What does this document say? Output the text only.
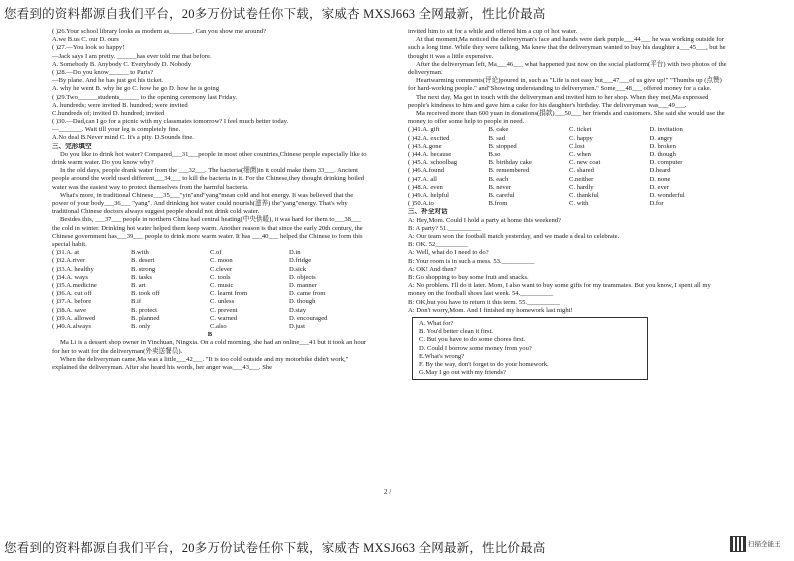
您看到的资料都源自我们平台，20多万份试卷任你下载，家威杏 MXSJ663 全网最新，性比价最高
( )26.Your school library looks as modern as_______. Can you show me around?
A.we B.us C. our D. ours
( )27.—You look so happy!
—Jack says I am pretty. ______has ever told me that before.
A. Somebody B. Anybody C. Everybody D. Nobody
( )28.—Do you know______ to Paris?
—By plane. And he has just got his ticket.
A. why he went B. why he go C. how he go D. how he is going
( )29.Two______students______ to the opening ceremony last Friday.
A. hundreds; were invited B. hundred; were invited
C.hundreds of; invited D. hundred; invited
( )30.—Dad,can I go for a picnic with my classmates tomorrow? I feel much better today.
—_______. Wait till your leg is completely fine.
A.No deal B.Never mind C. It's a pity. D.Sounds fine.
三、完形填空
Do you like to drink hot water? Compared___31___people in most other countries,Chinese people especially like to drink warm water. Do you know why?
In the old days, people drank water from the ___32___. The bacteria(细菌)in it could make them 33___. Ancient people around the world used different___34___ to kill the bacteria in it. For the Chinese,they thought drinking boiled water was the easiest way to protect themselves from the harmful bacteria.
What's more, in traditional Chinese___35___"yin"and"yang"mean cold and hot energy. It was believed that the power of your body___36___ "yang". And drinking hot water could nourish(滋养) the"yang"energy. That's why traditional Chinese doctors always suggest people should not drink cold water.
Besides this, ___37___ people in northern China had central heating(中央供暖), it was hard for them to___38___ the cold in winter. Drinking hot water helped them keep warm. Another reason is that since the early 20th century, the Chinese government has___39___ people to drink more warm water. It has ___40___ helped the Chinese to form this special habit.
( )31.A. at	B.with	C.of	D.in
( )32.A.river	B. desert	C. moon	D.fridge
( )33.A. healthy	B. strong	C.clever	D.sick
( )34.A. ways	B. tasks	C. tools	D. objects
( )35.A.medicine	B. art	C. music	D. manner
( )36.A. cut off	B. took off	C. learnt from	D. came from
( )37.A. before	B.if	C. unless	D. though
( )38.A. save	B. protect	C. prevent	D.stay
( )39.A. allowed	B. planned	C. warned	D. encouraged
( )40.A.always	B. only	C.also	D.just
B
Ma Li is a dessert shop owner in Yinchuan, Ningxia. On a cold morning, she had an online___41 but it took an hour for her to wait for the deliveryman(外卖送餐员).
When the deliveryman came,Ma was a little___42___. "It is too cold outside and my motorbike didn't work," explained the deliveryman. After she heard his words, her anger was___43___. She
invited him to sit for a while and offered him a cup of hot water.
At that moment,Ma noticed the deliveryman's face and hands were dark purple___44___ he was working outside for such a long time. While they were talking, Ma knew that the deliveryman wanted to buy his daughter a___45___, but he thought it was a little expensive.
After the deliveryman left, Ma___46___ what happened just now on the social platform(平台) with two photos of the deliveryman.
Heartwarming comments(评论)poured in, such as "Life is not easy but___47___of us give up!" "Thumbs up (点赞) for hard-working people." and"Showing understanding to deliverymen." Some___48___ offered money for a cake.
The next day, Ma got in touch with the deliveryman and invited him to her shop. When they met,Ma expressed people's kindness to him and gave him a cake for his daughter's birthday. The deliveryman was___49___.
Ma received more than 600 yuan in donations(捐款)___50___ her friends and customers. She said she would use the money to offer some help to people in need.
( )41.A. gift	B. cake	C. ticket	D. invitation
( )42.A. excited	B. sad	C. happy	D. angry
( )43.A.gone	B. stopped	C.lost	D. broken
( )44.A. because	B.so	C. when	D. though
( )45.A. schoolbag	B. birthday cake	C. new coat	D. computer
( )46.A.found	B. remembered	C. shared	D.heard
( )47.A. all	B. each	C.neither	D. none
( )48.A. even	B. never	C. hardly	D. ever
( )49.A. helpful	B. careful	C. thankful	D. wonderful
( )50.A.to	B.from	C. with	D.for
三、补全对话
A: Hey,Mom. Could I hold a party at home this weekend?
B: A party? 51.__________
A: Our team won the football match yesterday, and we made a deal to celebrate.
B: OK. 52__________
A: Well, what do I need to do?
B: Your room is in such a mess. 53.__________
A: OK! And then?
B: Go shopping to buy some fruit and snacks.
A: No problem. I'll do it later. Mom, I also want to buy some gifts for my teammates. But you know, I spent all my money on the football shoes last week. 54.__________
B: OK,but you have to return it this term. 55.__________
A: Don't worry,Mom. And I finished my homework last night!
A. What for?
B. You'd better clean it first.
C. But you have to do some chores first.
D. Could I borrow some money from you?
E.What's wrong?
F. By the way, don't forget to do your homework.
G.May I go out with my friends?
2 /
您看到的资料都源自我们平台，20多万份试卷任你下载，家威杏 MXSJ663 全网最新，性比价最高	扫描全能王
